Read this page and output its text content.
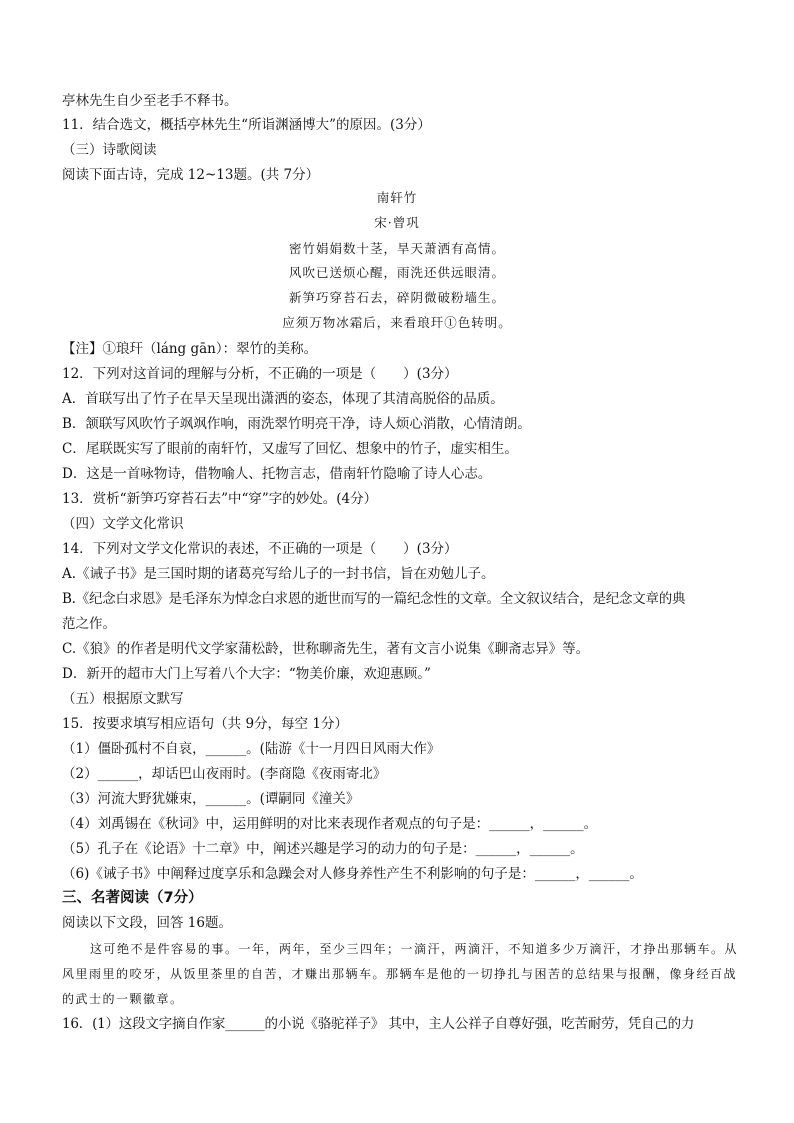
亭林先生自少至老手不释书。
11．结合选文，概括亭林先生“所诣渊涵博大”的原因。(3分）
（三）诗歌阅读
阅读下面古诗，完成 12~13题。(共 7分）
南轩竹
宋·曾巩
密竹娟娟数十茎，旱天萧洒有高情。
风吹已送烦心醒，雨洗还供远眼清。
新笋巧穿苔石去，碎阴微破粉墙生。
应须万物冰霜后，来看琅玕①色转明。
【注】①琅玕（láng gān）：翠竹的美称。
12．下列对这首词的理解与分析，不正确的一项是（　　）(3分）
A．首联写出了竹子在旱天呈现出潇洒的姿态，体现了其清高脱俗的品质。
B．颔联写风吹竹子飒飒作响，雨洗翠竹明亮干净，诗人烦心消散，心情清朗。
C．尾联既实写了眼前的南轩竹，又虚写了回忆、想象中的竹子，虚实相生。
D．这是一首咏物诗，借物喻人、托物言志，借南轩竹隐喻了诗人心志。
13．赏析“新笋巧穿苔石去”中“穿”字的妙处。(4分）
（四）文学文化常识
14．下列对文学文化常识的表述，不正确的一项是（　　）(3分）
A.《诫子书》是三国时期的诸葛亮写给儿子的一封书信，旨在劝勉儿子。
B.《纪念白求恩》是毛泽东为悼念白求恩的逝世而写的一篇纪念性的文章。全文叙议结合，是纪念文章的典
范之作。
C.《狼》的作者是明代文学家蒲松龄，世称聊斋先生，著有文言小说集《聊斋志异》等。
D．新开的超市大门上写着八个大字：“物美价廉，欢迎惠顾。”
（五）根据原文默写
15．按要求填写相应语句（共 9分，每空 1分）
（1）僵卧孤村不自哀，______。(陆游《十一月四日风雨大作》
（2）______，却话巴山夜雨时。(李商隐《夜雨寄北》
（3）河流大野犹嫌束，______。(谭嗣同《潼关》
（4）刘禹锡在《秋词》中，运用鲜明的对比来表现作者观点的句子是：______，______。
（5）孔子在《论语》十二章》中，阐述兴趣是学习的动力的句子是：______，______。
（6)《诫子书》中阐释过度享乐和急躁会对人修身养性产生不利影响的句子是：______，______。
三、名著阅读（7分）
阅读以下文段，回答 16题。
这可绝不是件容易的事。一年，两年，至少三四年；一滴汗，两滴汗，不知道多少万滴汗，才挣出那辆车。从风里雨里的咬牙，从饭里茶里的自苦，才赚出那辆车。那辆车是他的一切挣扎与困苦的总结果与报酬，像身经百战的武士的一颗徽章。
16．(1）这段文字摘自作家______的小说《骆驼祥子》 其中，主人公祥子自尊好强，吃苦耐劳，凭自己的力
